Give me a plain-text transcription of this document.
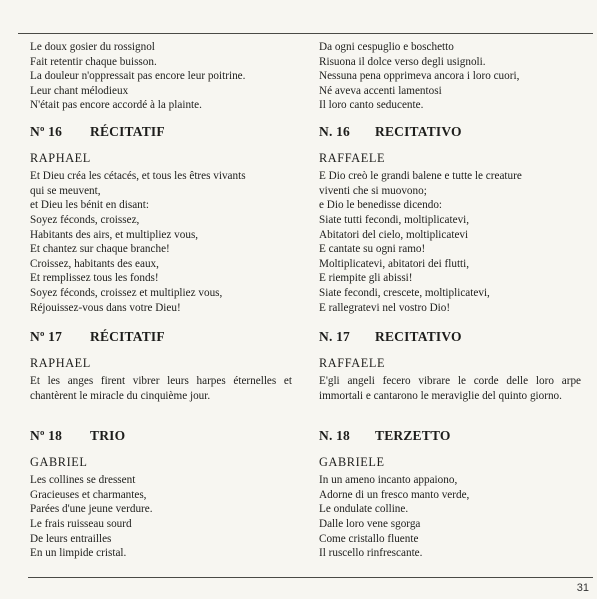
Le doux gosier du rossignol
Fait retentir chaque buisson.
La douleur n'oppressait pas encore leur poitrine.
Leur chant mélodieux
N'était pas encore accordé à la plainte.
Nº 16 RÉCITATIF
RAPHAEL
Et Dieu créa les cétacés, et tous les êtres vivants
qui se meuvent,
et Dieu les bénit en disant:
Soyez féconds, croissez,
Habitants des airs, et multipliez vous,
Et chantez sur chaque branche!
Croissez, habitants des eaux,
Et remplissez tous les fonds!
Soyez féconds, croissez et multipliez vous,
Réjouissez-vous dans votre Dieu!
Nº 17 RÉCITATIF
RAPHAEL
Et les anges firent vibrer leurs harpes éternelles et chantèrent le miracle du cinquième jour.
Nº 18 TRIO
GABRIEL
Les collines se dressent
Gracieuses et charmantes,
Parées d'une jeune verdure.
Le frais ruisseau sourd
De leurs entrailles
En un limpide cristal.
Da ogni cespuglio e boschetto
Risuona il dolce verso degli usignoli.
Nessuna pena opprimeva ancora i loro cuori,
Né aveva accenti lamentosi
Il loro canto seducente.
N. 16 RECITATIVO
RAFFAELE
E Dio creò le grandi balene e tutte le creature
viventi che si muovono;
e Dio le benedisse dicendo:
Siate tutti fecondi, moltiplicatevi,
Abitatori del cielo, moltiplicatevi
E cantate su ogni ramo!
Moltiplicatevi, abitatori dei flutti,
E riempite gli abissi!
Siate fecondi, crescete, moltiplicatevi,
E rallegratevi nel vostro Dio!
N. 17 RECITATIVO
RAFFAELE
E'gli angeli fecero vibrare le corde delle loro arpe immortali e cantarono le meraviglie del quinto giorno.
N. 18 TERZETTO
GABRIELE
In un ameno incanto appaiono,
Adorne di un fresco manto verde,
Le ondulate colline.
Dalle loro vene sgorga
Come cristallo fluente
Il ruscello rinfrescante.
31
